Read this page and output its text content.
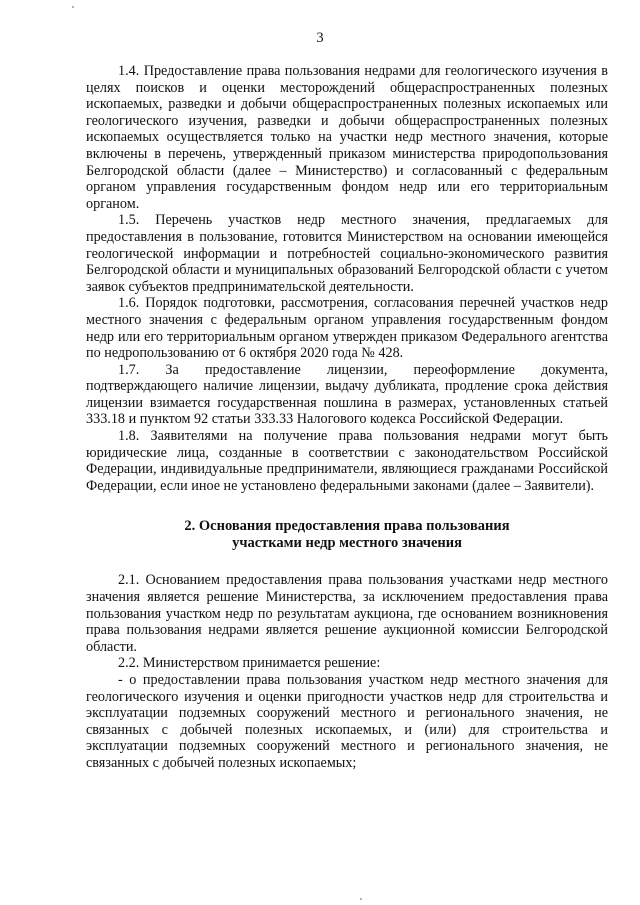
3

1.4. Предоставление права пользования недрами для геологического изучения в целях поисков и оценки месторождений общераспространенных полезных ископаемых, разведки и добычи общераспространенных полезных ископаемых или геологического изучения, разведки и добычи общераспространенных полезных ископаемых осуществляется только на участки недр местного значения, которые включены в перечень, утвержденный приказом министерства природопользования Белгородской области (далее – Министерство) и согласованный с федеральным органом управления государственным фондом недр или его территориальным органом.

1.5. Перечень участков недр местного значения, предлагаемых для предоставления в пользование, готовится Министерством на основании имеющейся геологической информации и потребностей социально-экономического развития Белгородской области и муниципальных образований Белгородской области с учетом заявок субъектов предпринимательской деятельности.

1.6. Порядок подготовки, рассмотрения, согласования перечней участков недр местного значения с федеральным органом управления государственным фондом недр или его территориальным органом утвержден приказом Федерального агентства по недропользованию от 6 октября 2020 года № 428.

1.7. За предоставление лицензии, переоформление документа, подтверждающего наличие лицензии, выдачу дубликата, продление срока действия лицензии взимается государственная пошлина в размерах, установленных статьей 333.18 и пунктом 92 статьи 333.33 Налогового кодекса Российской Федерации.

1.8. Заявителями на получение права пользования недрами могут быть юридические лица, созданные в соответствии с законодательством Российской Федерации, индивидуальные предприниматели, являющиеся гражданами Российской Федерации, если иное не установлено федеральными законами (далее – Заявители).

2. Основания предоставления права пользования

участками недр местного значения

2.1. Основанием предоставления права пользования участками недр местного значения является решение Министерства, за исключением предоставления права пользования участком недр по результатам аукциона, где основанием возникновения права пользования недрами является решение аукционной комиссии Белгородской области.

2.2. Министерством принимается решение:

- о предоставлении права пользования участком недр местного значения для геологического изучения и оценки пригодности участков недр для строительства и эксплуатации подземных сооружений местного и регионального значения, не связанных с добычей полезных ископаемых, и (или) для строительства и эксплуатации подземных сооружений местного и регионального значения, не связанных с добычей полезных ископаемых;
